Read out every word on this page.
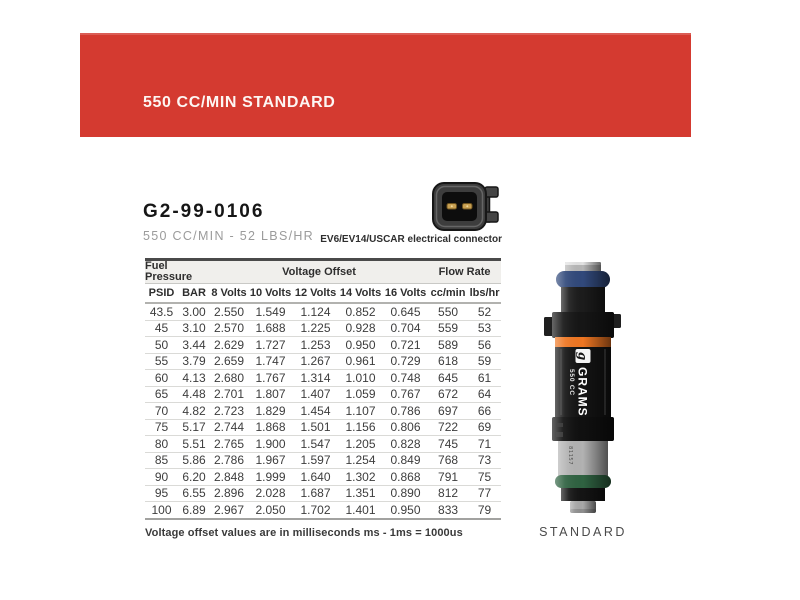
550 CC/MIN STANDARD
G2-99-0106
550 CC/MIN - 52 LBS/HR EV6/EV14/USCAR electrical connector
Fuel Pressure		Voltage Offset					Flow Rate	
PSID	BAR	8 Volts	10 Volts	12 Volts	14 Volts	16 Volts	cc/min	lbs/hr
43.5	3.00	2.550	1.549	1.124	0.852	0.645	550	52
45	3.10	2.570	1.688	1.225	0.928	0.704	559	53
50	3.44	2.629	1.727	1.253	0.950	0.721	589	56
55	3.79	2.659	1.747	1.267	0.961	0.729	618	59
60	4.13	2.680	1.767	1.314	1.010	0.748	645	61
65	4.48	2.701	1.807	1.407	1.059	0.767	672	64
70	4.82	2.723	1.829	1.454	1.107	0.786	697	66
75	5.17	2.744	1.868	1.501	1.156	0.806	722	69
80	5.51	2.765	1.900	1.547	1.205	0.828	745	71
85	5.86	2.786	1.967	1.597	1.254	0.849	768	73
90	6.20	2.848	1.999	1.640	1.302	0.868	791	75
95	6.55	2.896	2.028	1.687	1.351	0.890	812	77
100	6.89	2.967	2.050	1.702	1.401	0.950	833	79
Voltage offset values are in milliseconds ms - 1ms = 1000us
g
GRAMS
550 CC
81157
STANDARD
